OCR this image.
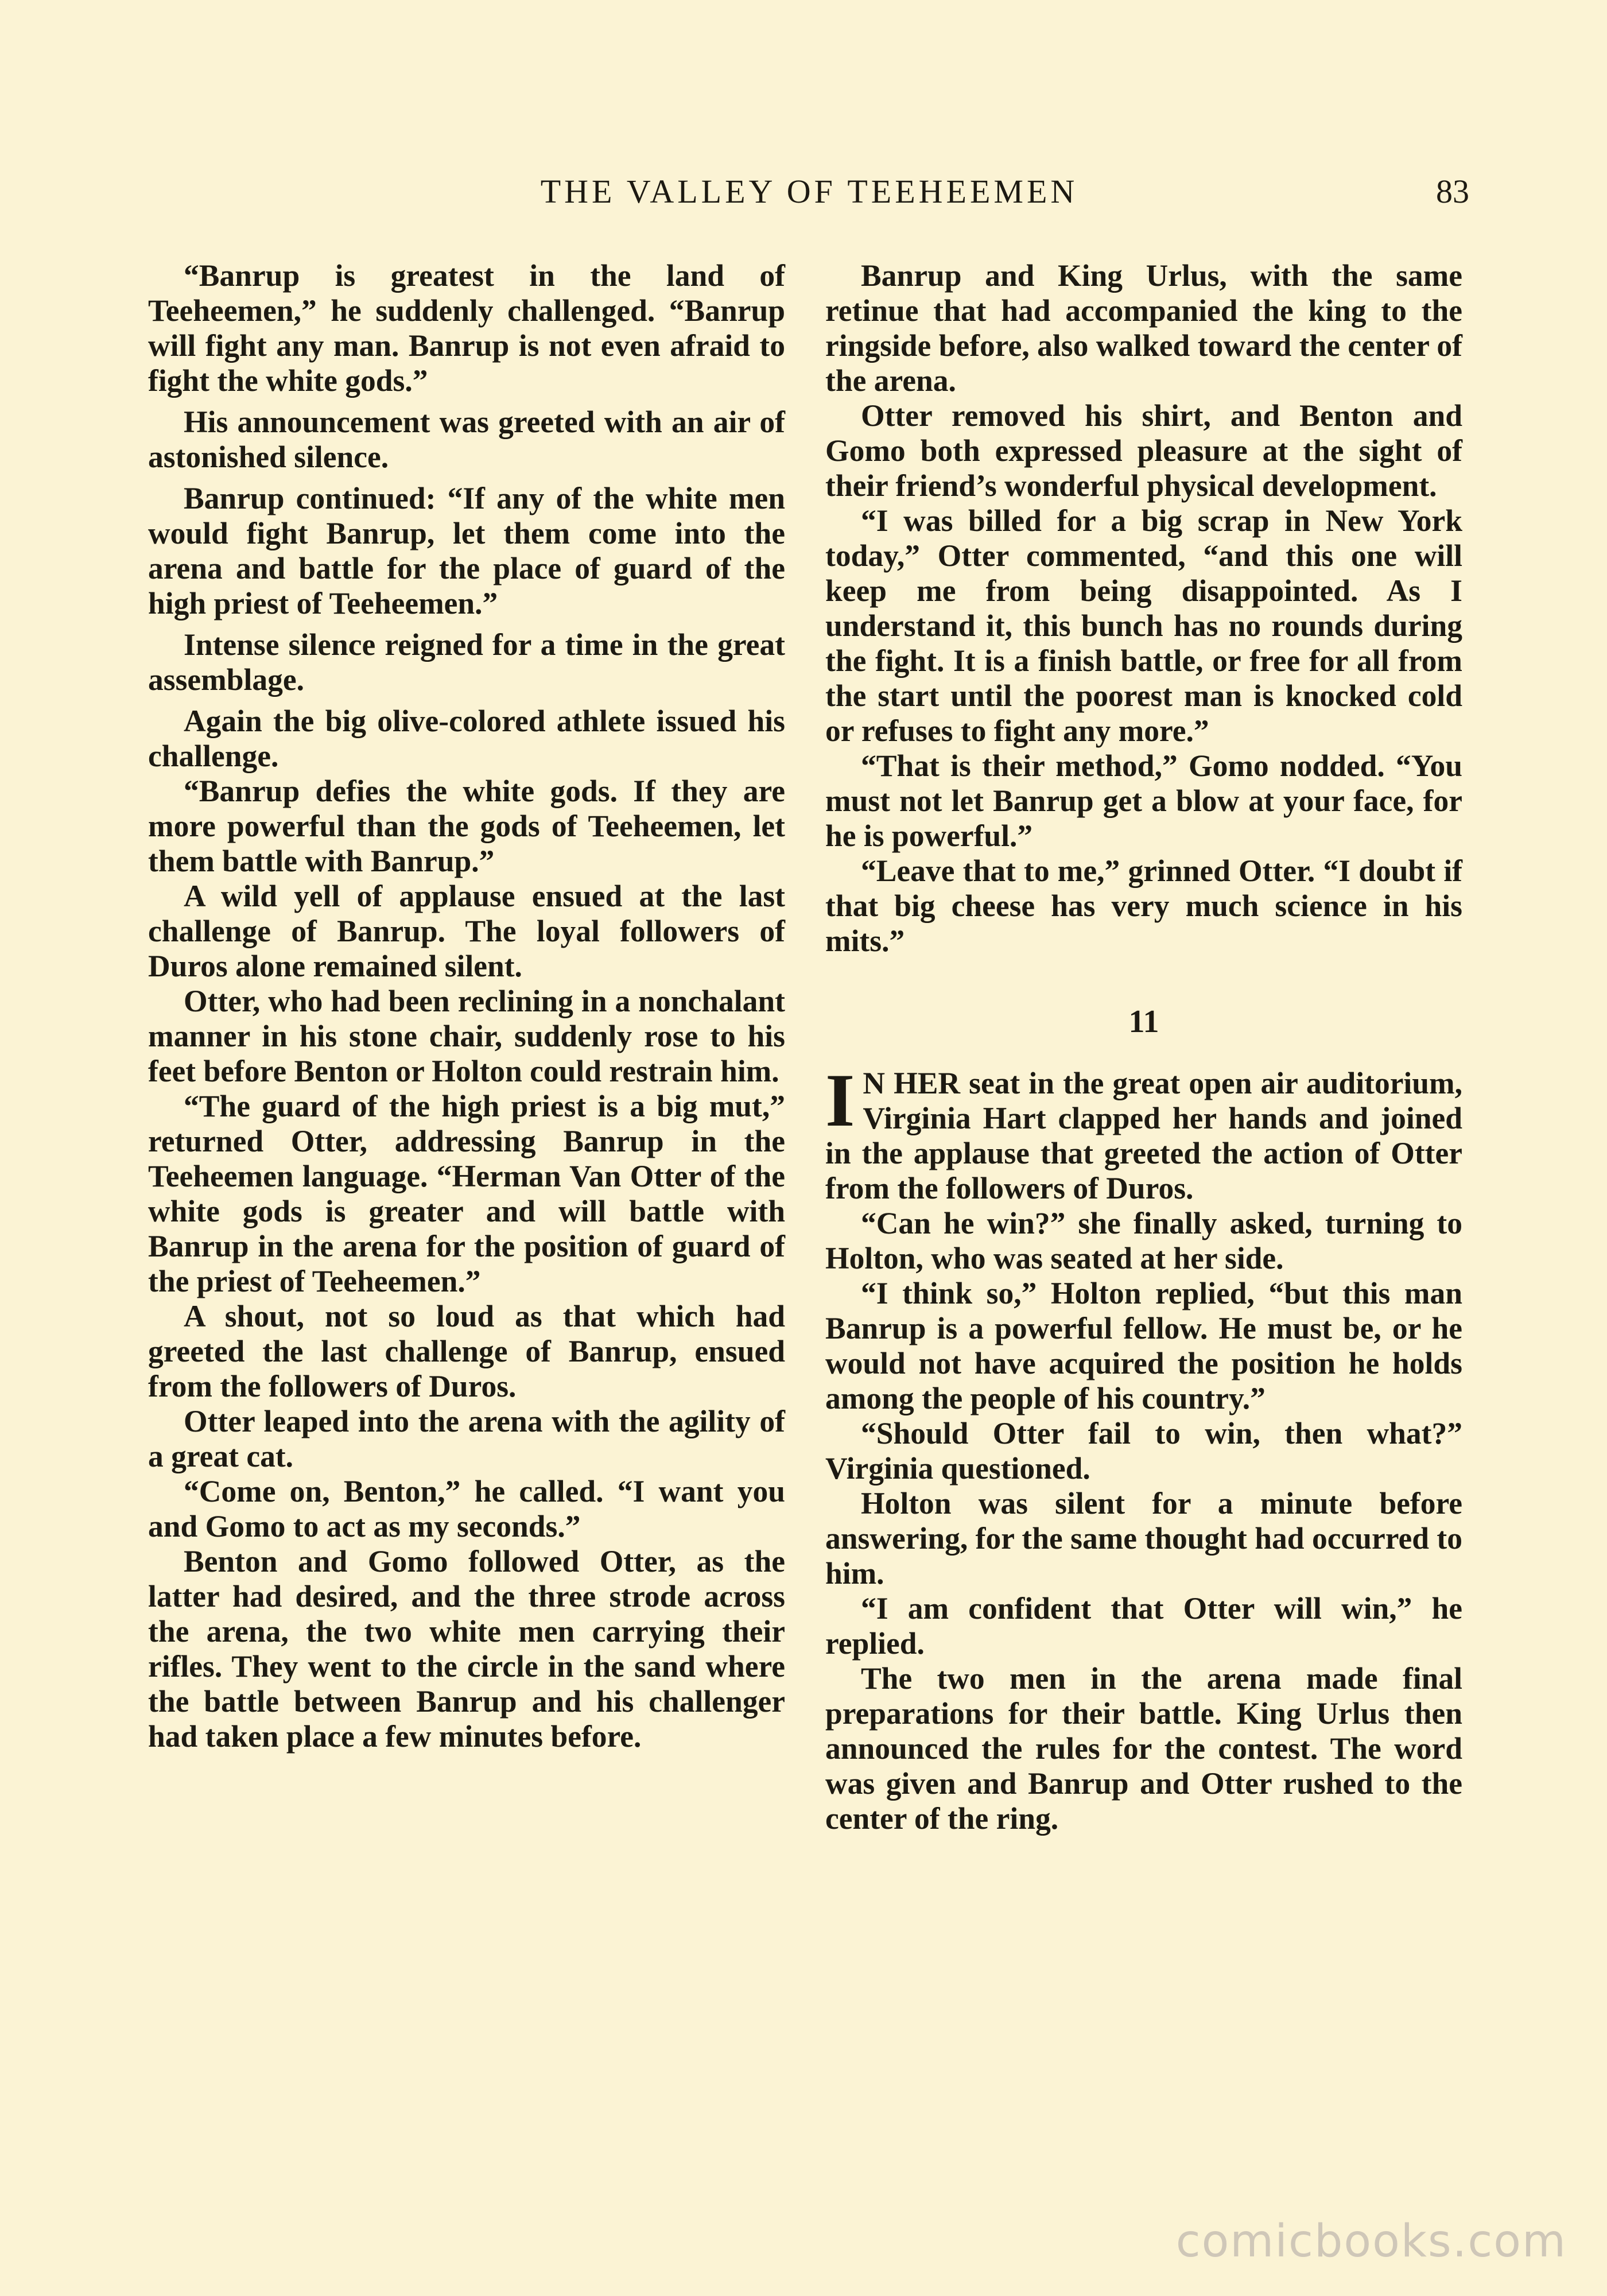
THE VALLEY OF TEEHEEMEN	83

“Banrup is greatest in the land of Teeheemen,” he suddenly challenged. “Banrup will fight any man. Banrup is not even afraid to fight the white gods.”

His announcement was greeted with an air of astonished silence.

Banrup continued: “If any of the white men would fight Banrup, let them come into the arena and battle for the place of guard of the high priest of Teeheemen.”

Intense silence reigned for a time in the great assemblage.

Again the big olive-colored athlete issued his challenge.

“Banrup defies the white gods. If they are more powerful than the gods of Teeheemen, let them battle with Banrup.”

A wild yell of applause ensued at the last challenge of Banrup. The loyal followers of Duros alone remained silent.

Otter, who had been reclining in a nonchalant manner in his stone chair, suddenly rose to his feet before Benton or Holton could restrain him.

“The guard of the high priest is a big mut,” returned Otter, addressing Banrup in the Teeheemen language. “Herman Van Otter of the white gods is greater and will battle with Banrup in the arena for the position of guard of the priest of Teeheemen.”

A shout, not so loud as that which had greeted the last challenge of Banrup, ensued from the followers of Duros.

Otter leaped into the arena with the agility of a great cat.

“Come on, Benton,” he called. “I want you and Gomo to act as my seconds.”

Benton and Gomo followed Otter, as the latter had desired, and the three strode across the arena, the two white men carrying their rifles. They went to the circle in the sand where the battle between Banrup and his challenger had taken place a few minutes before.

Banrup and King Urlus, with the same retinue that had accompanied the king to the ringside before, also walked toward the center of the arena.

Otter removed his shirt, and Benton and Gomo both expressed pleasure at the sight of their friend’s wonderful physical development.

“I was billed for a big scrap in New York today,” Otter commented, “and this one will keep me from being disappointed. As I understand it, this bunch has no rounds during the fight. It is a finish battle, or free for all from the start until the poorest man is knocked cold or refuses to fight any more.”

“That is their method,” Gomo nodded. “You must not let Banrup get a blow at your face, for he is powerful.”

“Leave that to me,” grinned Otter. “I doubt if that big cheese has very much science in his mits.”

11

I N HER seat in the great open air auditorium, Virginia Hart clapped her hands and joined in the applause that greeted the action of Otter from the followers of Duros.

“Can he win?” she finally asked, turning to Holton, who was seated at her side.

“I think so,” Holton replied, “but this man Banrup is a powerful fellow. He must be, or he would not have acquired the position he holds among the people of his country.”

“Should Otter fail to win, then what?” Virginia questioned.

Holton was silent for a minute before answering, for the same thought had occurred to him.

“I am confident that Otter will win,” he replied.

The two men in the arena made final preparations for their battle. King Urlus then announced the rules for the contest. The word was given and Banrup and Otter rushed to the center of the ring.

comicbooks.com
